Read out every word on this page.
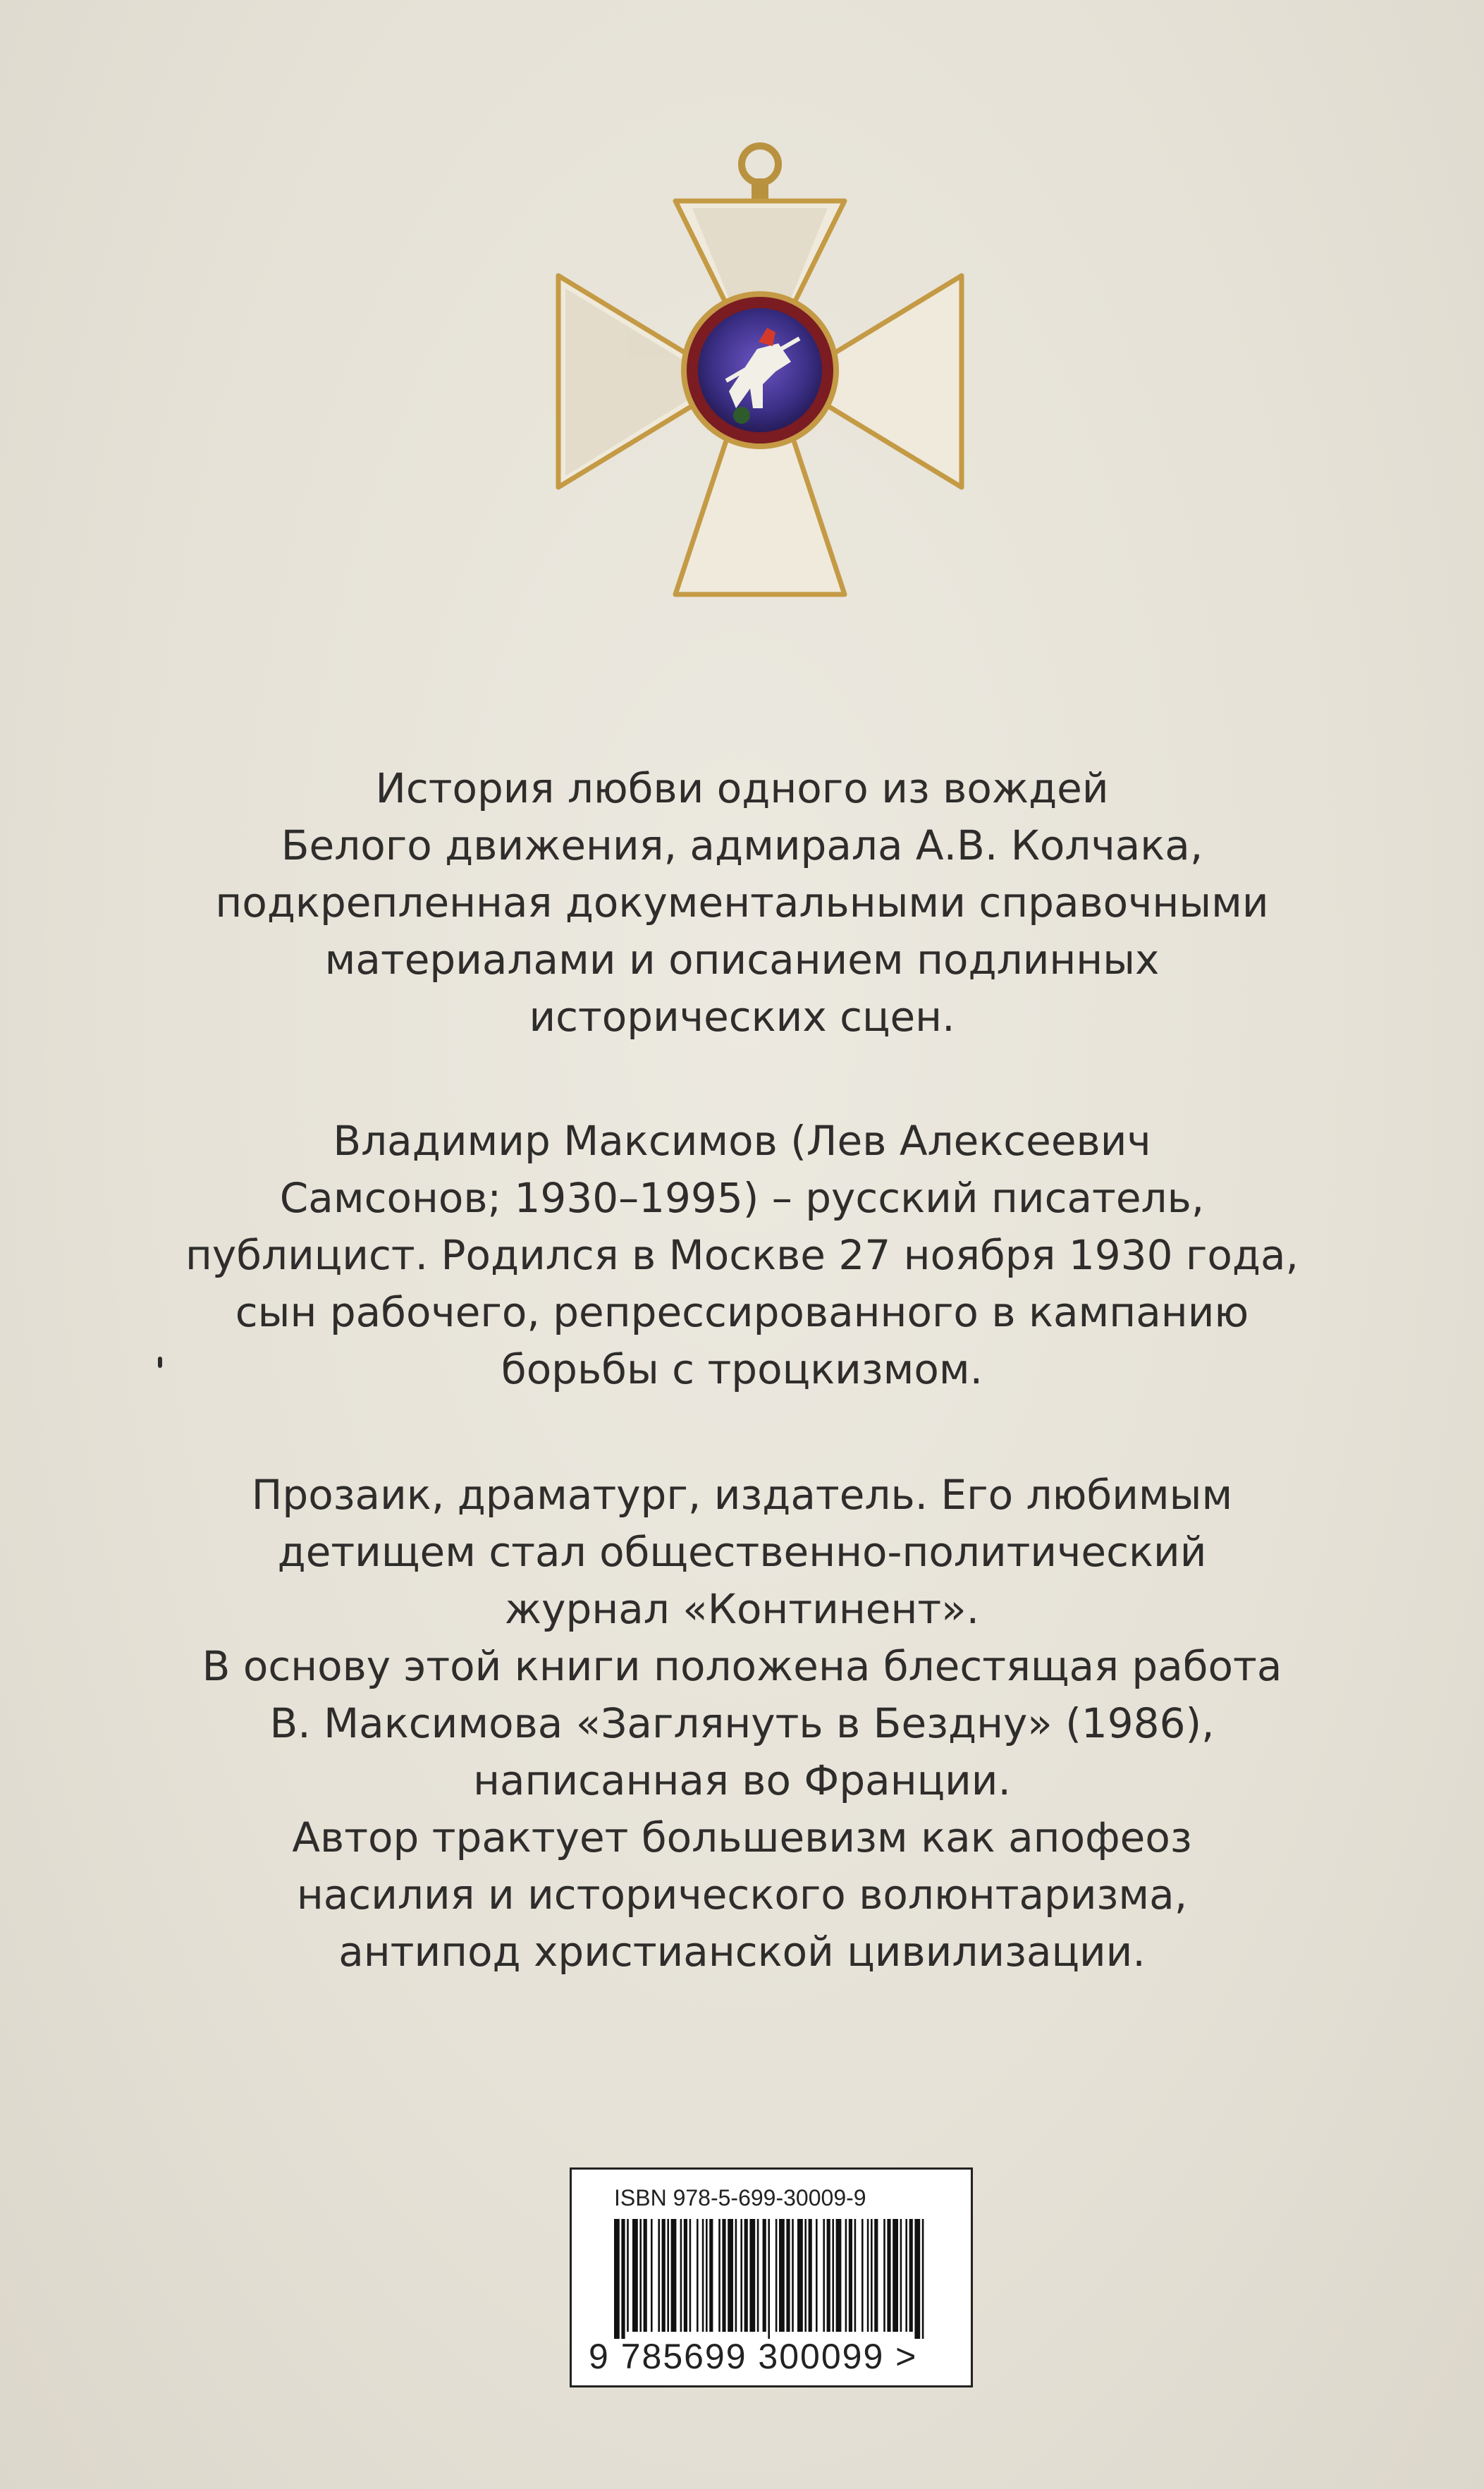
История любви одного из вождей

Белого движения, адмирала А.В. Колчака,

подкрепленная документальными справочными

материалами и описанием подлинных

исторических сцен.

Владимир Максимов (Лев Алексеевич

Самсонов; 1930–1995) – русский писатель,

публицист. Родился в Москве 27 ноября 1930 года,

сын рабочего, репрессированного в кампанию

борьбы с троцкизмом.

Прозаик, драматург, издатель. Его любимым

детищем стал общественно-политический

журнал «Континент».

В основу этой книги положена блестящая работа

В. Максимова «Заглянуть в Бездну» (1986),

написанная во Франции.

Автор трактует большевизм как апофеоз

насилия и исторического волюнтаризма,

антипод христианской цивилизации.

ISBN 978-5-699-30009-9
9 785699 300099 >
